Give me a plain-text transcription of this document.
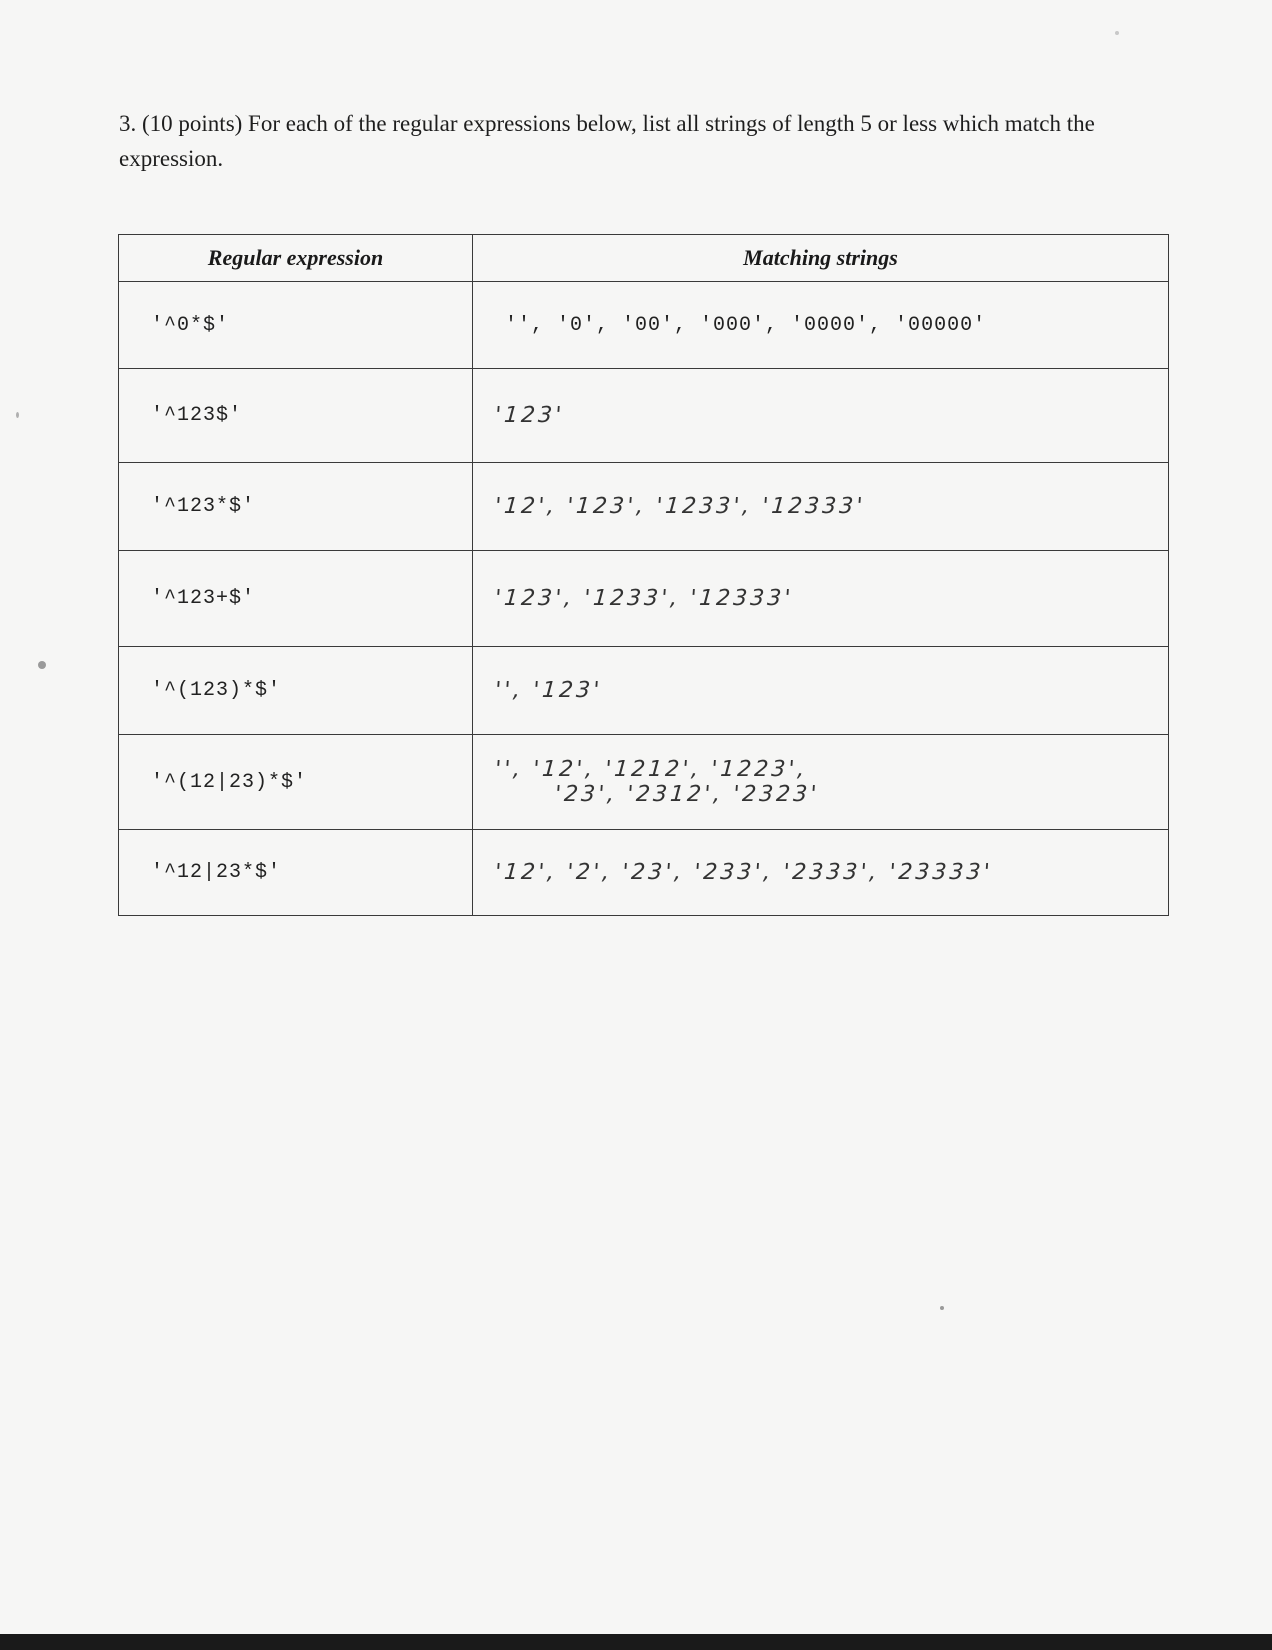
3. (10 points) For each of the regular expressions below, list all strings of length 5 or less which match the expression.
Regular expression	Matching strings
'^0*$'	'', '0', '00', '000', '0000', '00000'

'^123$'	'123'

'^123*$'	'12', '123', '1233', '12333'

'^123+$'	'123', '1233', '12333'

'^(123)*$'	'', '123'

'^(12|23)*$'	'', '12', '1212', '1223',
'23', '2312', '2323'

'^12|23*$'	'12', '2', '23', '233', '2333', '23333'
